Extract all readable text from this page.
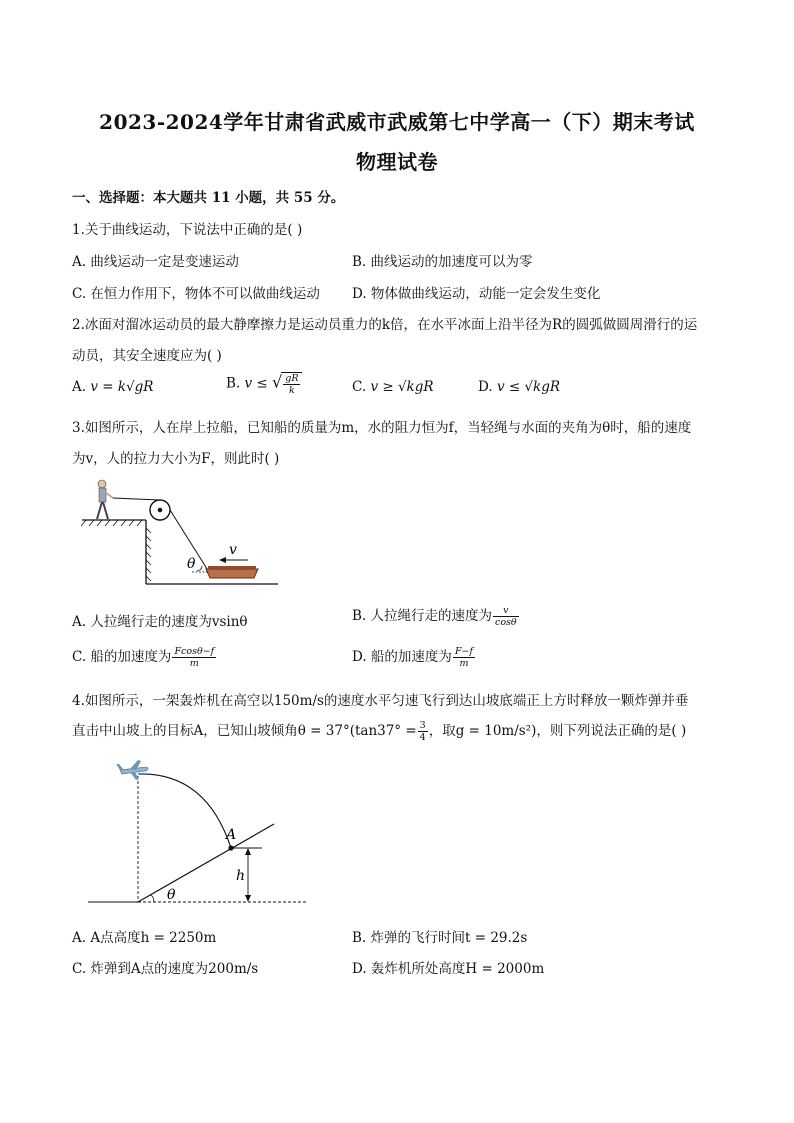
2023-2024学年甘肃省武威市武威第七中学高一（下）期末考试
物理试卷
一、选择题：本大题共 11 小题，共 55 分。
1.关于曲线运动，下说法中正确的是( )
A. 曲线运动一定是变速运动	B. 曲线运动的加速度可以为零
C. 在恒力作用下，物体不可以做曲线运动 D. 物体做曲线运动，动能一定会发生变化
2.冰面对溜冰运动员的最大静摩擦力是运动员重力的k倍，在水平冰面上沿半径为R的圆弧做圆周滑行的运
动员，其安全速度应为( )
A. v = k√gR	B. v ≤ √ $\frac{gR}{k}$	C. v ≥ √kgR	D. v ≤ √kgR
3.如图所示，人在岸上拉船，已知船的质量为m，水的阻力恒为f，当轻绳与水面的夹角为θ时，船的速度
为v，人的拉力大小为F，则此时( )
v
θ
A. 人拉绳行走的速度为vsinθ	B. 人拉绳行走的速度为 $\frac{v}{\cos\theta}$
C. 船的加速度为 $\frac{Fcos\theta-f}{m}$	D. 船的加速度为 $\frac{F-f}{m}$
4.如图所示，一架轰炸机在高空以150m/s的速度水平匀速飞行到达山坡底端正上方时释放一颗炸弹并垂
直击中山坡上的目标A，已知山坡倾角$\theta = 37^\circ(\tan 37^\circ = \frac{3}{4}$ ，取g = 10m/s²)，则下列说法正确的是( )
A
h
θ
A. A点高度h = 2250m	B. 炸弹的飞行时间t = 29.2s
C. 炸弹到A点的速度为200m/s	D. 轰炸机所处高度H = 2000m
